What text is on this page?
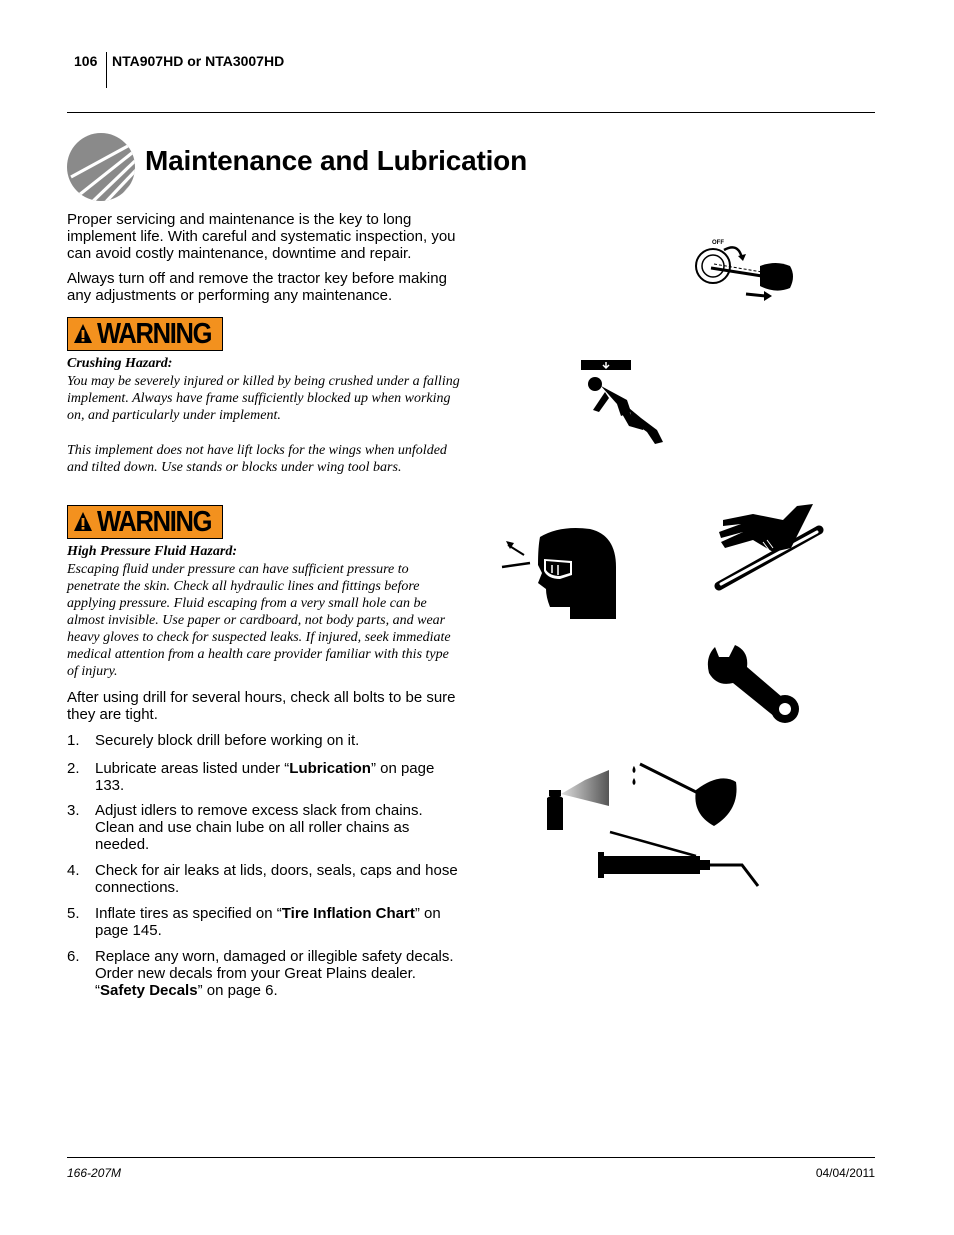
106 NTA907HD or NTA3007HD
Maintenance and Lubrication
Proper servicing and maintenance is the key to long implement life. With careful and systematic inspection, you can avoid costly maintenance, downtime and repair.
Always turn off and remove the tractor key before making any adjustments or performing any maintenance.
WARNING
Crushing Hazard:
You may be severely injured or killed by being crushed under a falling implement. Always have frame sufficiently blocked up when working on, and particularly under implement.
This implement does not have lift locks for the wings when unfolded and tilted down. Use stands or blocks under wing tool bars.
WARNING
High Pressure Fluid Hazard:
Escaping fluid under pressure can have sufficient pressure to penetrate the skin. Check all hydraulic lines and fittings before applying pressure. Fluid escaping from a very small hole can be almost invisible. Use paper or cardboard, not body parts, and wear heavy gloves to check for suspected leaks. If injured, seek immediate medical attention from a health care provider familiar with this type of injury.
After using drill for several hours, check all bolts to be sure they are tight.
1. Securely block drill before working on it.
2. Lubricate areas listed under “Lubrication” on page 133.
3. Adjust idlers to remove excess slack from chains. Clean and use chain lube on all roller chains as needed.
4. Check for air leaks at lids, doors, seals, caps and hose connections.
5. Inflate tires as specified on “Tire Inflation Chart” on page 145.
6. Replace any worn, damaged or illegible safety decals. Order new decals from your Great Plains dealer. “Safety Decals” on page 6.
OFF
166-207M	04/04/2011
